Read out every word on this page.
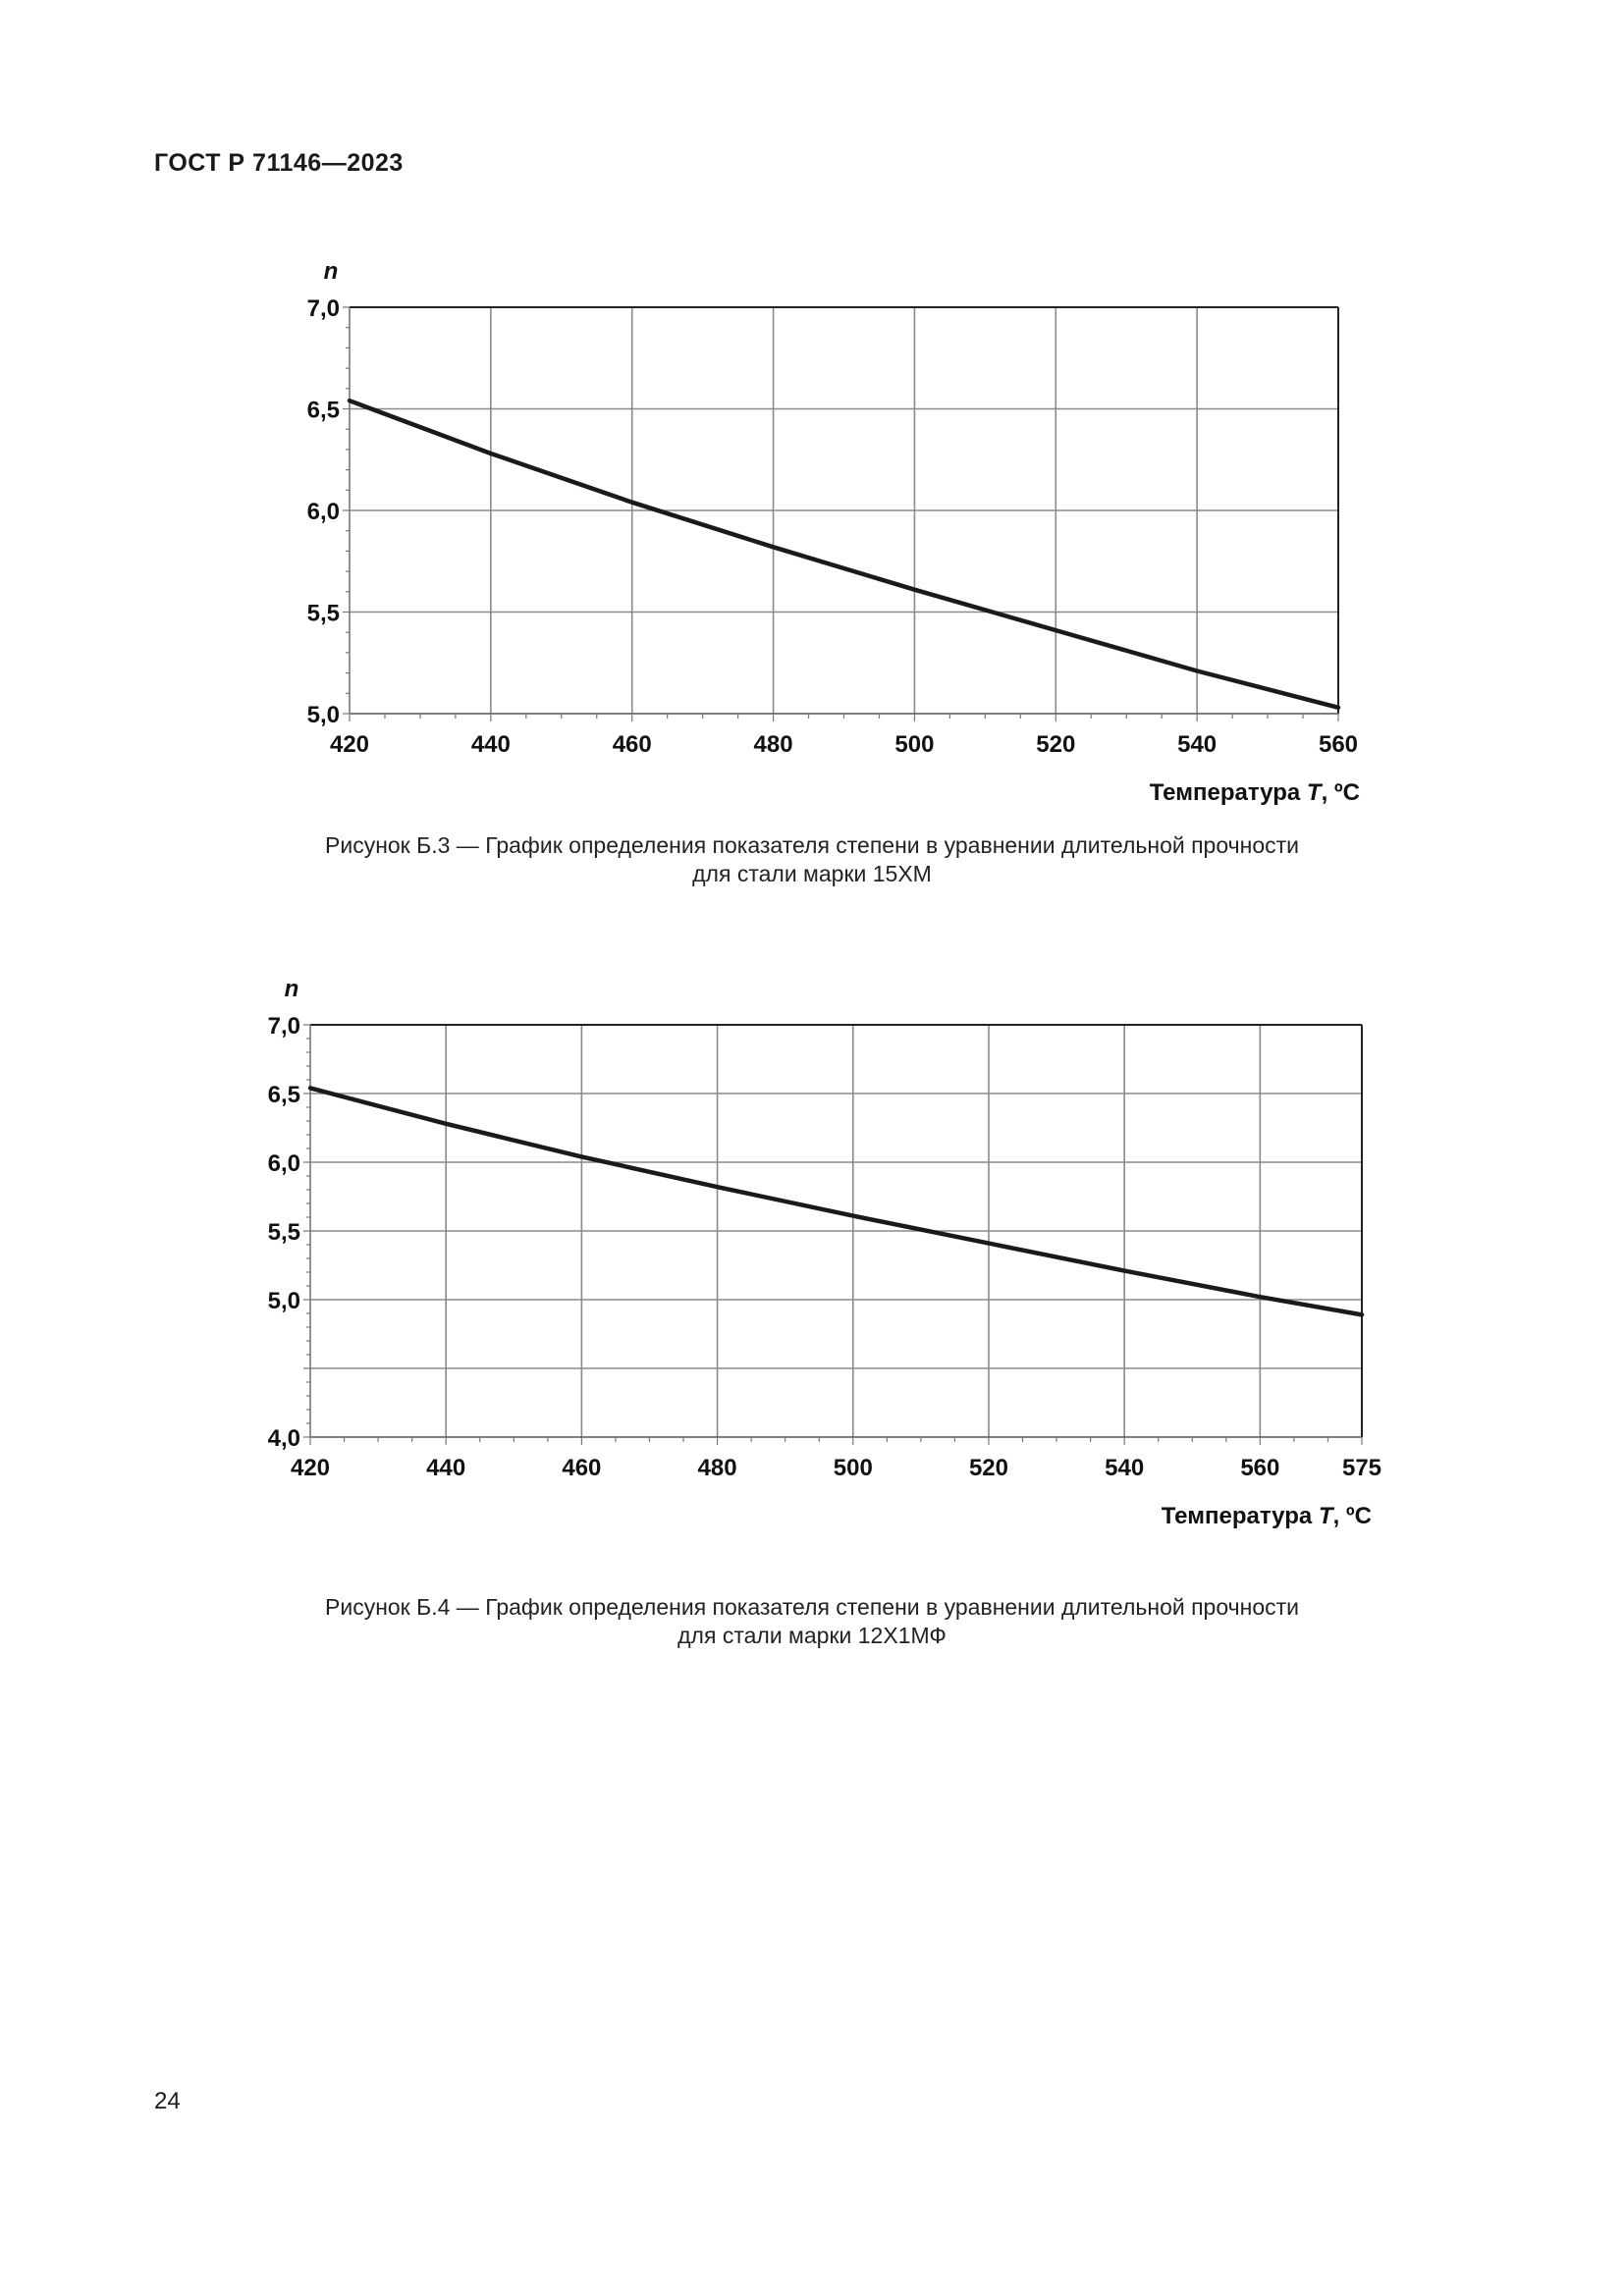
ГОСТ Р 71146—2023
5,0
5,5
6,0
6,5
7,0
420	440	460	480	500	520	540	560
n
Температура T, ºС
Рисунок Б.3 — График определения показателя степени в уравнении длительной прочности
для стали марки 15ХМ
4,0
5,0
5,5
6,0
6,5
7,0
420	440	460	480	500	520	540	560	575
n
Температура T, ºС
Рисунок Б.4 — График определения показателя степени в уравнении длительной прочности
для стали марки 12Х1МФ
24
